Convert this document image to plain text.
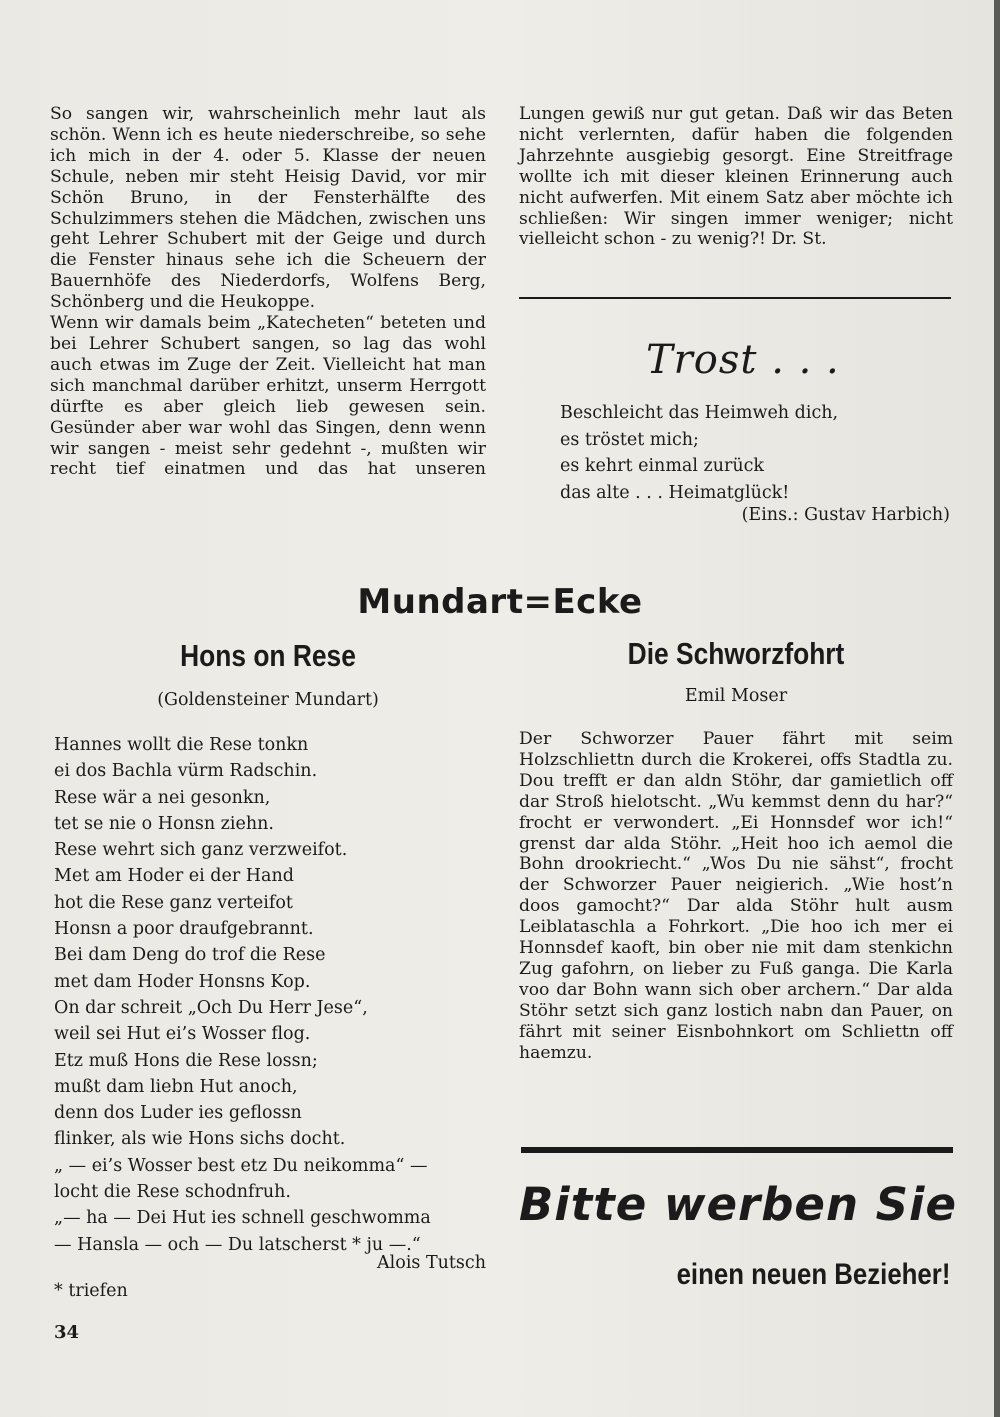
So sangen wir, wahrscheinlich mehr laut als schön. Wenn ich es heute niederschreibe, so sehe ich mich in der 4. oder 5. Klasse der neuen Schule, neben mir steht Heisig David, vor mir Schön Bruno, in der Fensterhälfte des Schulzimmers stehen die Mädchen, zwischen uns geht Lehrer Schubert mit der Geige und durch die Fenster hinaus sehe ich die Scheuern der Bauernhöfe des Niederdorfs, Wolfens Berg, Schönberg und die Heukoppe.

Wenn wir damals beim „Katecheten“ beteten und bei Lehrer Schubert sangen, so lag das wohl auch etwas im Zuge der Zeit. Vielleicht hat man sich manchmal darüber erhitzt, unserm Herrgott dürfte es aber gleich lieb gewesen sein. Gesünder aber war wohl das Singen, denn wenn wir sangen - meist sehr gedehnt -, mußten wir recht tief einatmen und das hat unseren

Lungen gewiß nur gut getan. Daß wir das Beten nicht verlernten, dafür haben die folgenden Jahrzehnte ausgiebig gesorgt. Eine Streitfrage wollte ich mit dieser kleinen Erinnerung auch nicht aufwerfen. Mit einem Satz aber möchte ich schließen: Wir singen immer weniger; nicht vielleicht schon - zu wenig?! Dr. St.

Trost . . .
Beschleicht das Heimweh dich,
es tröstet mich;
es kehrt einmal zurück
das alte . . . Heimatglück!
(Eins.: Gustav Harbich)
Mundart=Ecke
Hons on Rese
(Goldensteiner Mundart)
Hannes wollt die Rese tonkn
ei dos Bachla vürm Radschin.
Rese wär a nei gesonkn,
tet se nie o Honsn ziehn.
Rese wehrt sich ganz verzweifot.
Met am Hoder ei der Hand
hot die Rese ganz verteifot
Honsn a poor draufgebrannt.
Bei dam Deng do trof die Rese
met dam Hoder Honsns Kop.
On dar schreit „Och Du Herr Jese“,
weil sei Hut ei’s Wosser flog.
Etz muß Hons die Rese lossn;
mußt dam liebn Hut anoch,
denn dos Luder ies geflossn
flinker, als wie Hons sichs docht.
„ — ei’s Wosser best etz Du neikomma“ —
locht die Rese schodnfruh.
„— ha — Dei Hut ies schnell geschwomma
— Hansla — och — Du latscherst * ju —.“
Alois Tutsch
* triefen
34
Die Schworzfohrt
Emil Moser

Der Schworzer Pauer fährt mit seim Holzschliettn durch die Krokerei, offs Stadtla zu. Dou trefft er dan aldn Stöhr, dar gamietlich off dar Stroß hielotscht. „Wu kemmst denn du har?“ frocht er verwondert. „Ei Honnsdef wor ich!“ grenst dar alda Stöhr. „Heit hoo ich aemol die Bohn drookriecht.“ „Wos Du nie sähst“, frocht der Schworzer Pauer neigierich. „Wie host’n doos gamocht?“ Dar alda Stöhr hult ausm Leiblataschla a Fohrkort. „Die hoo ich mer ei Honnsdef kaoft, bin ober nie mit dam stenkichn Zug gafohrn, on lieber zu Fuß ganga. Die Karla voo dar Bohn wann sich ober archern.“ Dar alda Stöhr setzt sich ganz lostich nabn dan Pauer, on fährt mit seiner Eisnbohnkort om Schliettn off haemzu.

Bitte werben Sie
einen neuen Bezieher!
